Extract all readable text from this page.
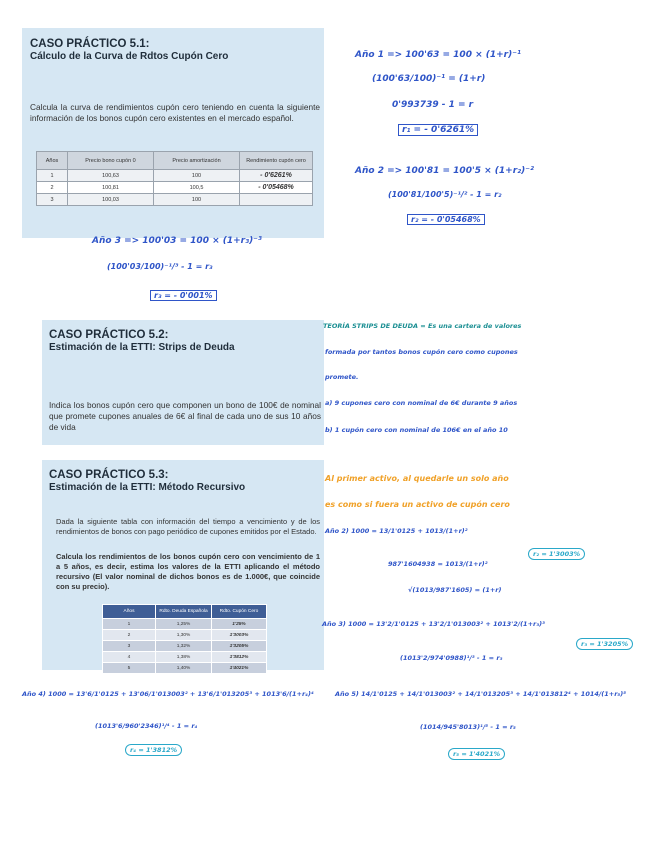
CASO PRÁCTICO 5.1:
Cálculo de la Curva de Rdtos Cupón Cero

Calcula la curva de rendimientos cupón cero teniendo en cuenta la siguiente información de los bonos cupón cero existentes en el mercado español.

Años	Precio bono cupón 0	Precio amortización	Rendimiento cupón cero
1	100,63	100	- 0'6261%
2	100,81	100,5	- 0'05468%
3	100,03	100	
Año 1 => 100'63 = 100 × (1+r)⁻¹
(100'63/100)⁻¹ = (1+r)
0'993739 - 1 = r
r₁ = - 0'6261%
Año 2 => 100'81 = 100'5 × (1+r₂)⁻²
(100'81/100'5)⁻¹/² - 1 = r₂
r₂ = - 0'05468%
Año 3 => 100'03 = 100 × (1+r₃)⁻³
(100'03/100)⁻¹/³ - 1 = r₃
r₃ = - 0'001%
CASO PRÁCTICO 5.2:
Estimación de la ETTI: Strips de Deuda

Indica los bonos cupón cero que componen un bono de 100€ de nominal que promete cupones anuales de 6€ al final de cada uno de sus 10 años de vida

TEORÍA STRIPS DE DEUDA = Es una cartera de valores
formada por tantos bonos cupón cero como cupones
promete.
a) 9 cupones cero con nominal de 6€ durante 9 años
b) 1 cupón cero con nominal de 106€ en el año 10
CASO PRÁCTICO 5.3:
Estimación de la ETTI: Método Recursivo

Dada la siguiente tabla con información del tiempo a vencimiento y de los rendimientos de bonos con pago periódico de cupones emitidos por el Estado.

Calcula los rendimientos de los bonos cupón cero con vencimiento de 1 a 5 años, es decir, estima los valores de la ETTI aplicando el método recursivo (El valor nominal de dichos bonos es de 1.000€, que coincide con su precio).

Años	Rdto. Deuda Española	Rdto. Cupón Cero
1	1,25%	1'25%
2	1,30%	1'3003%
3	1,32%	1'3205%
4	1,38%	1'3812%
5	1,40%	1'4021%
Al primer activo, al quedarle un solo año
es como si fuera un activo de cupón cero
Año 2) 1000 = 13/1'0125 + 1013/(1+r)²
987'1604938 = 1013/(1+r)²
√(1013/987'1605) = (1+r)
r₂ = 1'3003%
Año 3) 1000 = 13'2/1'0125 + 13'2/1'013003² + 1013'2/(1+r₃)³
r₃ = 1'3205%
(1013'2/974'0988)¹/³ - 1 = r₃
Año 4) 1000 = 13'6/1'0125 + 13'06/1'013003² + 13'6/1'013205³ + 1013'6/(1+r₄)⁴
(1013'6/960'2346)¹/⁴ - 1 = r₄
r₄ = 1'3812%
Año 5) 14/1'0125 + 14/1'013003² + 14/1'013205³ + 14/1'013812⁴ + 1014/(1+r₅)⁵
(1014/945'8013)¹/⁵ - 1 = r₅
r₅ = 1'4021%
